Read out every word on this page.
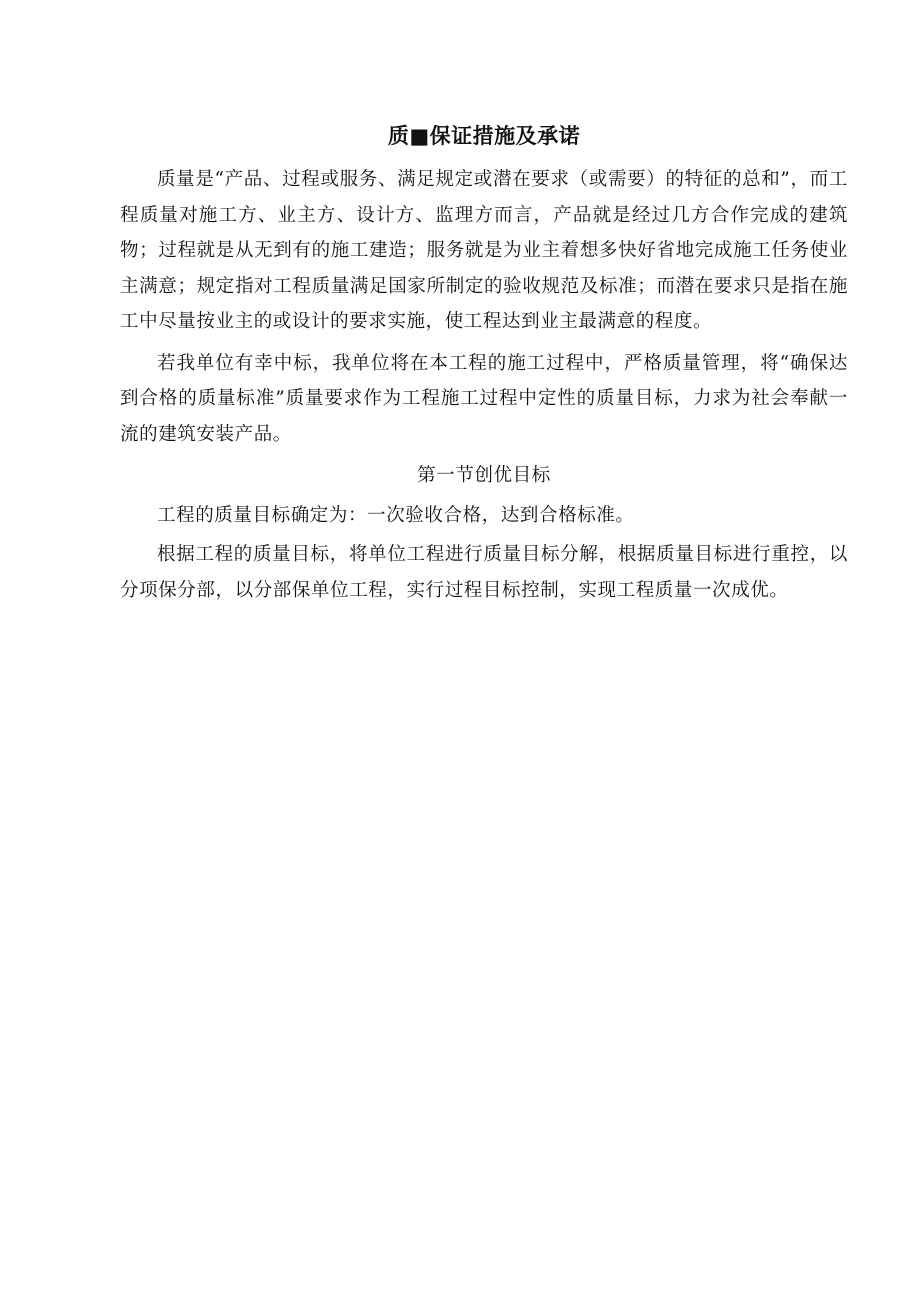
质■保证措施及承诺

质量是“产品、过程或服务、满足规定或潜在要求（或需要）的特征的总和”，而工程质量对施工方、业主方、设计方、监理方而言，产品就是经过几方合作完成的建筑物；过程就是从无到有的施工建造；服务就是为业主着想多快好省地完成施工任务使业主满意；规定指对工程质量满足国家所制定的验收规范及标准；而潜在要求只是指在施工中尽量按业主的或设计的要求实施，使工程达到业主最满意的程度。

若我单位有幸中标，我单位将在本工程的施工过程中，严格质量管理，将“确保达到合格的质量标准”质量要求作为工程施工过程中定性的质量目标，力求为社会奉献一流的建筑安装产品。

第一节创优目标

工程的质量目标确定为：一次验收合格，达到合格标准。

根据工程的质量目标，将单位工程进行质量目标分解，根据质量目标进行重控，以分项保分部，以分部保单位工程，实行过程目标控制，实现工程质量一次成优。
